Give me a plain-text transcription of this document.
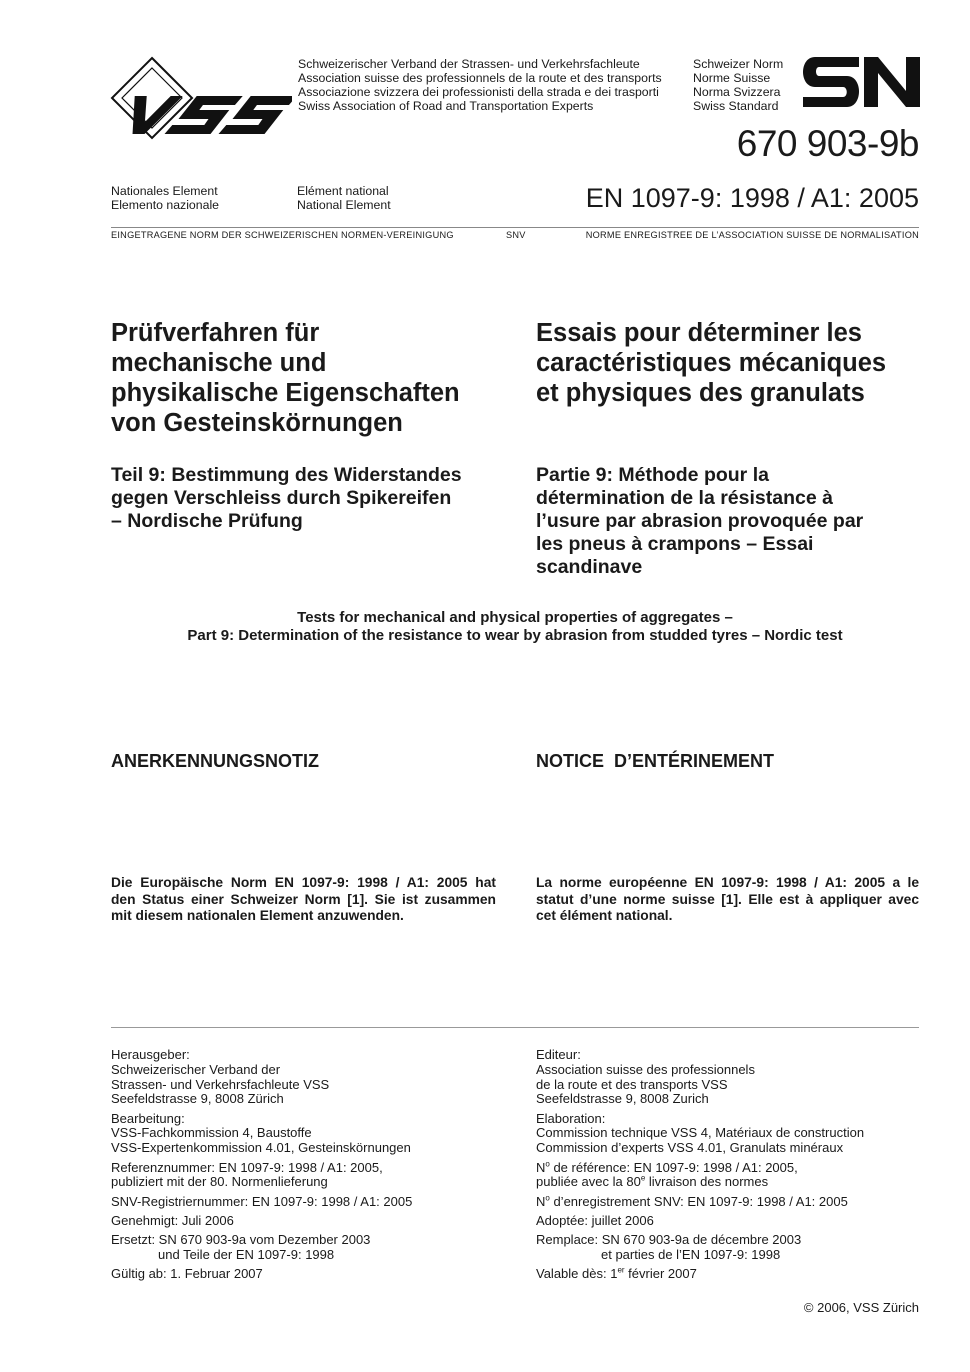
VSS
Schweizerischer Verband der Strassen- und Verkehrsfachleute
Association suisse des professionnels de la route et des transports
Associazione svizzera dei professionisti della strada e dei trasporti
Swiss Association of Road and Transportation Experts
Schweizer Norm
Norme Suisse
Norma Svizzera
Swiss Standard
SN
670 903-9b
Nationales Element
Elemento nazionale
Elément national
National Element	EN 1097-9: 1998 / A1: 2005
EINGETRAGENE NORM DER SCHWEIZERISCHEN NORMEN-VEREINIGUNG	SNV	NORME ENREGISTREE DE L’ASSOCIATION SUISSE DE NORMALISATION
Prüfverfahren für
mechanische und
physikalische Eigenschaften
von Gesteinskörnungen
Essais pour déterminer les
caractéristiques mécaniques
et physiques des granulats
Teil 9: Bestimmung des Widerstandes
gegen Verschleiss durch Spikereifen
– Nordische Prüfung
Partie 9: Méthode pour la
détermination de la résistance à
l’usure par abrasion provoquée par
les pneus à crampons – Essai
scandinave
Tests for mechanical and physical properties of aggregates –
Part 9: Determination of the resistance to wear by abrasion from studded tyres – Nordic test
ANERKENNUNGSNOTIZ	NOTICE  D’ENTÉRINEMENT
Die Europäische Norm EN 1097-9: 1998 / A1: 2005 hat
den Status einer Schweizer Norm [1]. Sie ist zusammen
mit diesem nationalen Element anzuwenden.
La norme européenne EN 1097-9: 1998 / A1: 2005 a le
statut d’une norme suisse [1]. Elle est à appliquer avec
cet élément national.
Herausgeber:
Schweizerischer Verband der
Strassen- und Verkehrsfachleute VSS
Seefeldstrasse 9, 8008 Zürich
Bearbeitung:
VSS-Fachkommission 4, Baustoffe
VSS-Expertenkommission 4.01, Gesteinskörnungen
Referenznummer: EN 1097-9: 1998 / A1: 2005,
publiziert mit der 80. Normenlieferung
SNV-Registriernummer: EN 1097-9: 1998 / A1: 2005
Genehmigt: Juli 2006
Ersetzt: SN 670 903-9a vom Dezember 2003
und Teile der EN 1097-9: 1998
Gültig ab: 1. Februar 2007
Editeur:
Association suisse des professionnels
de la route et des transports VSS
Seefeldstrasse 9, 8008 Zurich
Elaboration:
Commission technique VSS 4, Matériaux de construction
Commission d’experts VSS 4.01, Granulats minéraux
$N^o$ de référence: EN 1097-9: 1998 / A1: 2005,
publiée avec la 80e livraison des normes
$N^o$ d’enregistrement SNV: EN 1097-9: 1998 / A1: 2005
Adoptée: juillet 2006
Remplace: SN 670 903-9a de décembre 2003
et parties de l’EN 1097-9: 1998
Valable dès: 1er février 2007
© 2006, VSS Zürich
